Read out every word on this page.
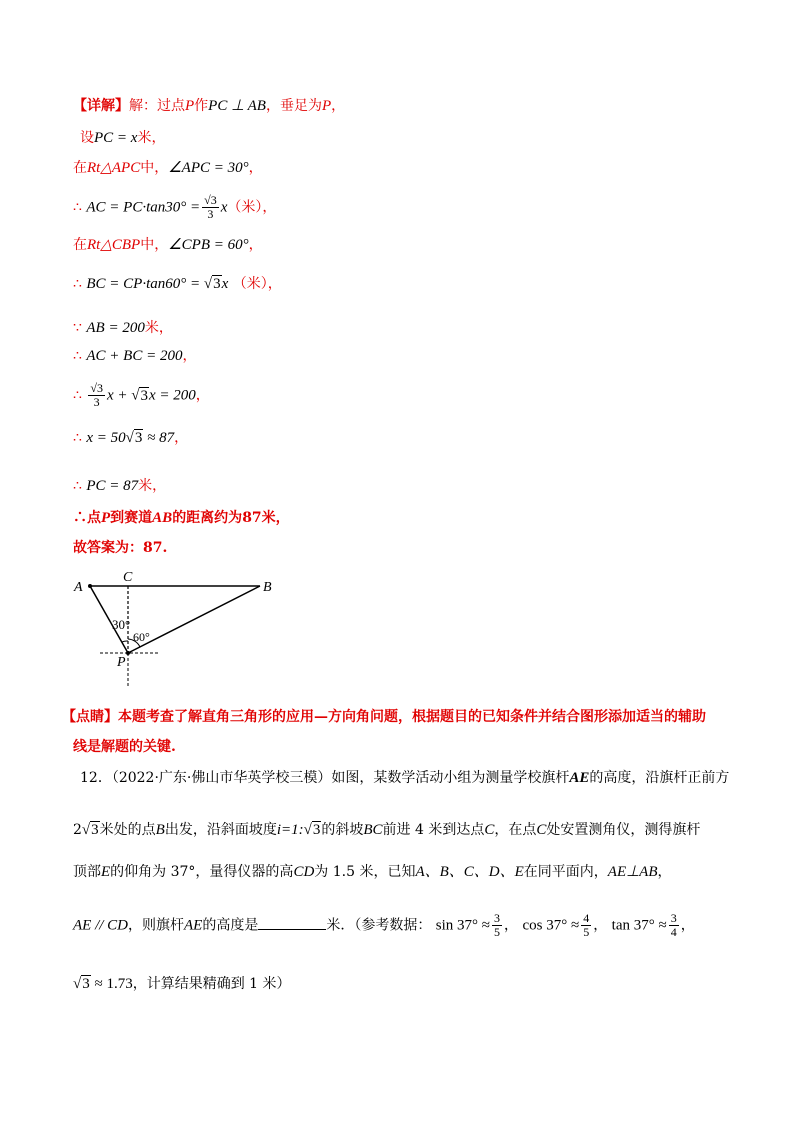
【详解】解：过点P作PC ⊥ AB，垂足为P，
设PC = x米，
在Rt△APC中，∠APC = 30°，
∴ AC = $PC\cdot\tan 30^\circ = \frac{√3}{3} x$（米），
在Rt△CBP中，∠CPB = 60°，
∴ BC = CP·tan60° = √3x （米），
∵ AB = 200米，
∴ AC + BC = 200，
∴ $\frac{√3}{3}$ x + √3x = 200，
∴ x = 50√3 ≈ 87，
∴ PC = 87米，
∴点P到赛道AB的距离约为87米，
故答案为：87.
A	B
C
P
30°
60°
【点睛】本题考查了解直角三角形的应用—方向角问题，根据题目的已知条件并结合图形添加适当的辅助
线是解题的关键.
12．（2022·广东·佛山市华英学校三模）如图，某数学活动小组为测量学校旗杆AE的高度，沿旗杆正前方
2√3米处的点B出发，沿斜面坡度i=1:√3的斜坡BC前进 4 米到达点C，在点C处安置测角仪，测得旗杆
顶部E的仰角为 37°，量得仪器的高CD为 1.5 米，已知A、B、C、D、E在同平面内，AE⊥AB，
AE // CD，则旗杆AE的高度是	米．（参考数据： $\sin 37^\circ \approx \frac{3}{5}$ ， $\cos 37^\circ \approx \frac{4}{5}$ ， $\tan 37^\circ \approx \frac{3}{4}$ ，
√3 ≈ 1.73，计算结果精确到 1 米）
